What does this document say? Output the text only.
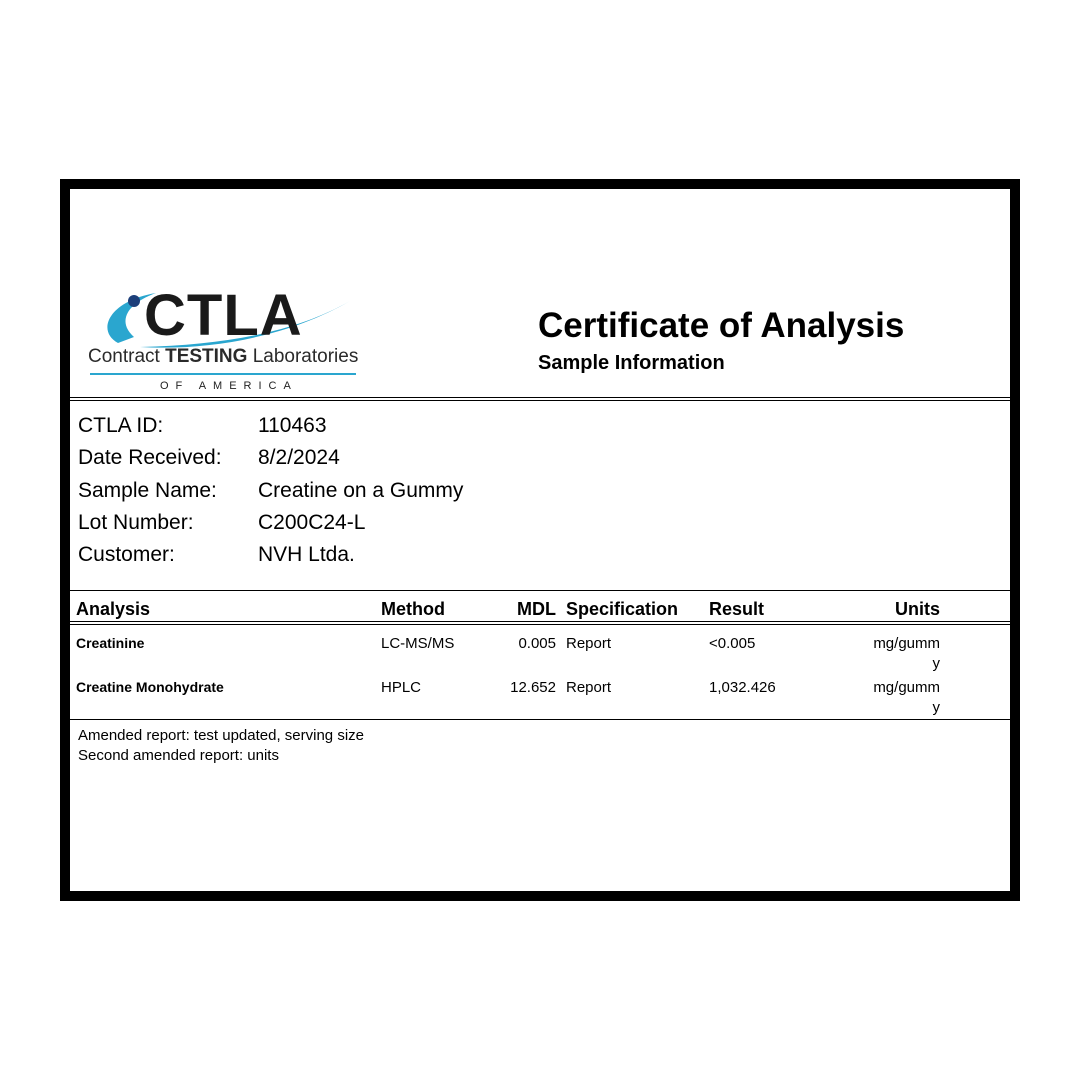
CTLA
Contract TESTING Laboratories
OF AMERICA
Certificate of Analysis
Sample Information
CTLA ID:	110463
Date Received: 8/2/2024
Sample Name: Creatine on a Gummy
Lot Number:	C200C24-L
Customer:	NVH Ltda.
Analysis	Method	MDL Specification Result	Units
Creatinine	LC-MS/MS	0.005 Report	<0.005	mg/gumm
y
Creatine Monohydrate	HPLC	12.652 Report	1,032.426	mg/gumm
y
Amended report: test updated, serving size
Second amended report: units
